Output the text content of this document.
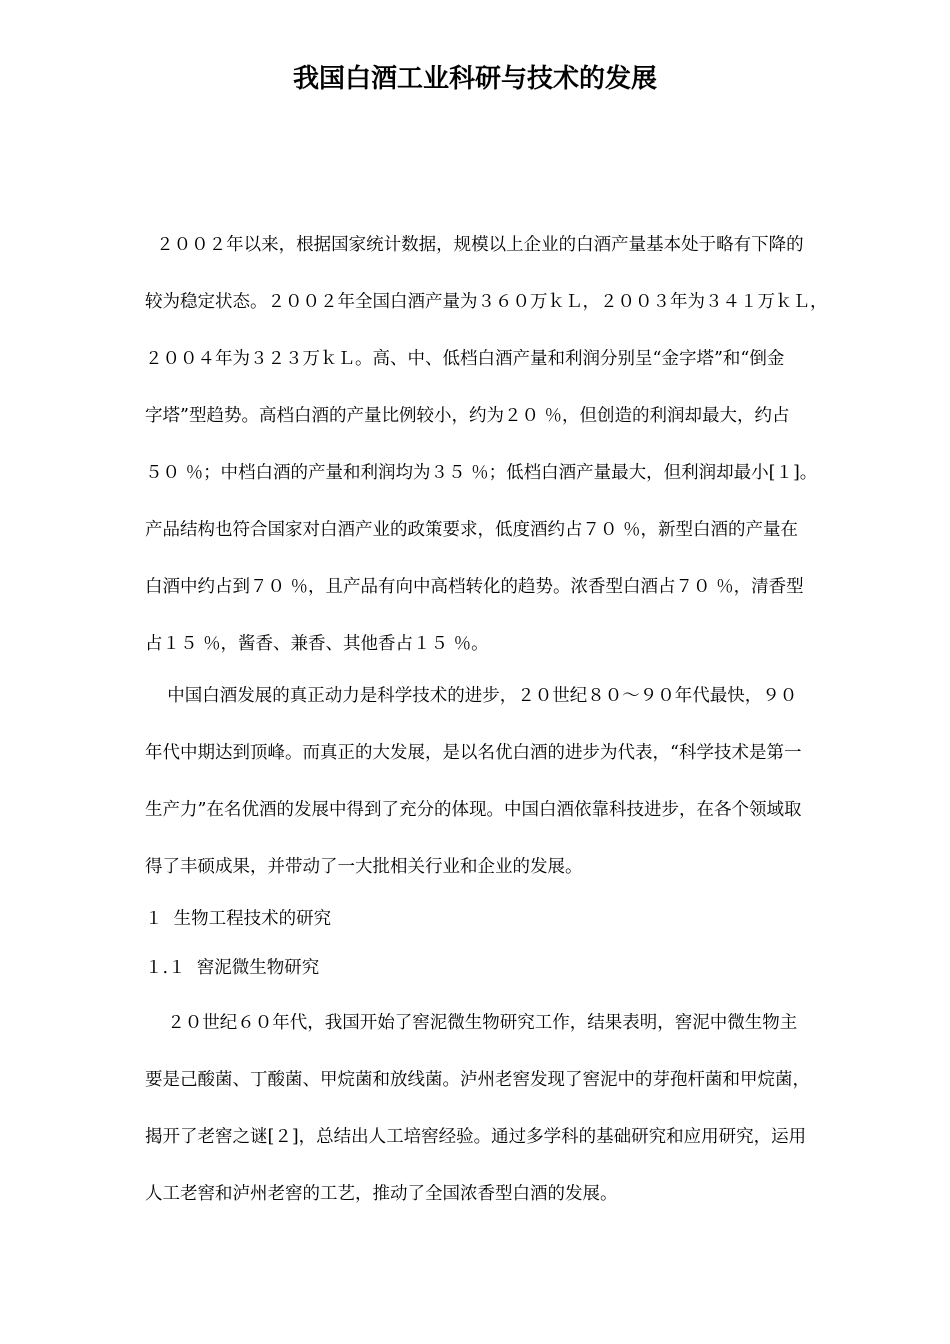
我国白酒工业科研与技术的发展

２００２年以来，根据国家统计数据，规模以上企业的白酒产量基本处于略有下降的

较为稳定状态。２００２年全国白酒产量为３６０万ｋＬ，２００３年为３４１万ｋＬ，

２００４年为３２３万ｋＬ。高、中、低档白酒产量和利润分别呈“金字塔”和“倒金

字塔”型趋势。高档白酒的产量比例较小，约为２０ ％，但创造的利润却最大，约占

５０ ％；中档白酒的产量和利润均为３５ ％；低档白酒产量最大，但利润却最小[１]。

产品结构也符合国家对白酒产业的政策要求，低度酒约占７０ ％，新型白酒的产量在

白酒中约占到７０ ％，且产品有向中高档转化的趋势。浓香型白酒占７０ ％，清香型

占１５ ％，酱香、兼香、其他香占１５ ％。

中国白酒发展的真正动力是科学技术的进步，２０世纪８０～９０年代最快，９０

年代中期达到顶峰。而真正的大发展，是以名优白酒的进步为代表，“科学技术是第一

生产力”在名优酒的发展中得到了充分的体现。中国白酒依靠科技进步，在各个领域取

得了丰硕成果，并带动了一大批相关行业和企业的发展。

１  生物工程技术的研究

１.１  窖泥微生物研究

２０世纪６０年代，我国开始了窖泥微生物研究工作，结果表明，窖泥中微生物主

要是己酸菌、丁酸菌、甲烷菌和放线菌。泸州老窖发现了窖泥中的芽孢杆菌和甲烷菌，

揭开了老窖之谜[２]，总结出人工培窖经验。通过多学科的基础研究和应用研究，运用

人工老窖和泸州老窖的工艺，推动了全国浓香型白酒的发展。
